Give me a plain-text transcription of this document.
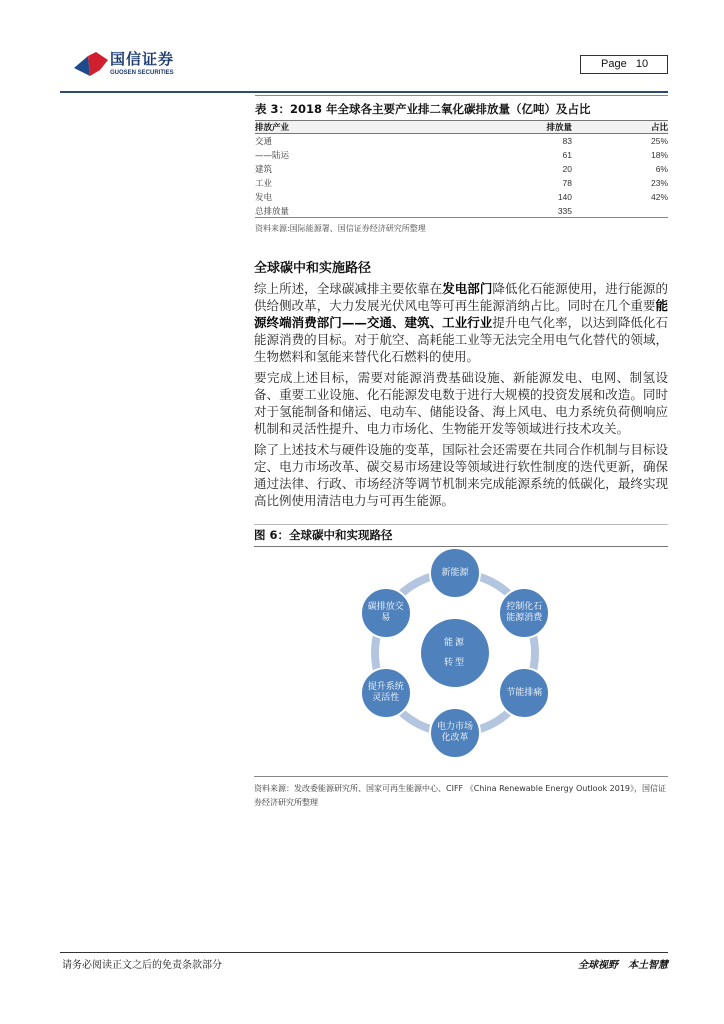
国信证券
GUOSEN SECURITIES
Page 10
表 3：2018 年全球各主要产业排二氧化碳排放量（亿吨）及占比
排放产业	排放量	占比
交通	83	25%
——陆运	61	18%
建筑	20	6%
工业	78	23%
发电	140	42%
总排放量	335
资料来源:国际能源署、国信证券经济研究所整理
全球碳中和实施路径

综上所述，全球碳减排主要依靠在发电部门降低化石能源使用，进行能源的供给侧改革，大力发展光伏风电等可再生能源消纳占比。同时在几个重要能源终端消费部门——交通、建筑、工业行业提升电气化率，以达到降低化石能源消费的目标。对于航空、高耗能工业等无法完全用电气化替代的领域，生物燃料和氢能来替代化石燃料的使用。

要完成上述目标，需要对能源消费基础设施、新能源发电、电网、制氢设备、重要工业设施、化石能源发电数于进行大规模的投资发展和改造。同时对于氢能制备和储运、电动车、储能设备、海上风电、电力系统负荷侧响应机制和灵活性提升、电力市场化、生物能开发等领域进行技术攻关。

除了上述技术与硬件设施的变革，国际社会还需要在共同合作机制与目标设定、电力市场改革、碳交易市场建设等领域进行软性制度的迭代更新，确保通过法律、行政、市场经济等调节机制来完成能源系统的低碳化，最终实现高比例使用清洁电力与可再生能源。

图 6：全球碳中和实现路径
能源
转型
新能源
控制化石能源消费
节能排痛
电力市场化改革
提升系统灵活性
碳排放交易
资料来源：发改委能源研究所、国家可再生能源中心、CIFF 《China Renewable Energy Outlook 2019》，国信证券经济研究所整理
请务必阅读正文之后的免责条款部分	全球视野　本土智慧
